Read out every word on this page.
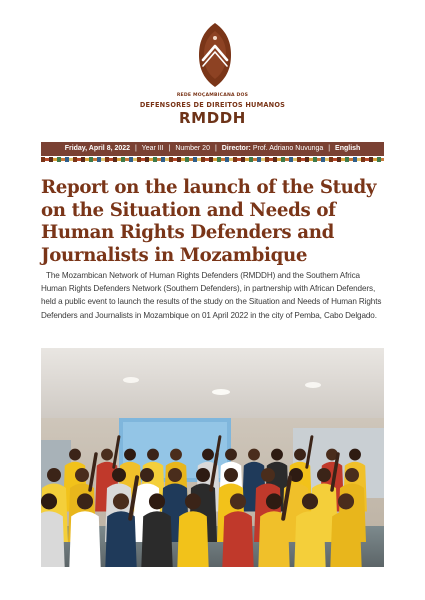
REDE MOÇAMBICANA DOS
DEFENSORES DE DIREITOS HUMANOS
RMDDH
Friday, April 8, 2022 | Year III | Number 20 | Director: Prof. Adriano Nuvunga | English
Report on the launch of the Study on the Situation and Needs of Human Rights Defenders and Journalists in Mozambique

The Mozambican Network of Human Rights Defenders (RMDDH) and the Southern Africa Human Rights Defenders Network (Southern Defenders), in partnership with African Defenders, held a public event to launch the results of the study on the Situation and Needs of Human Rights Defenders and Journalists in Mozambique on 01 April 2022 in the city of Pemba, Cabo Delgado.
